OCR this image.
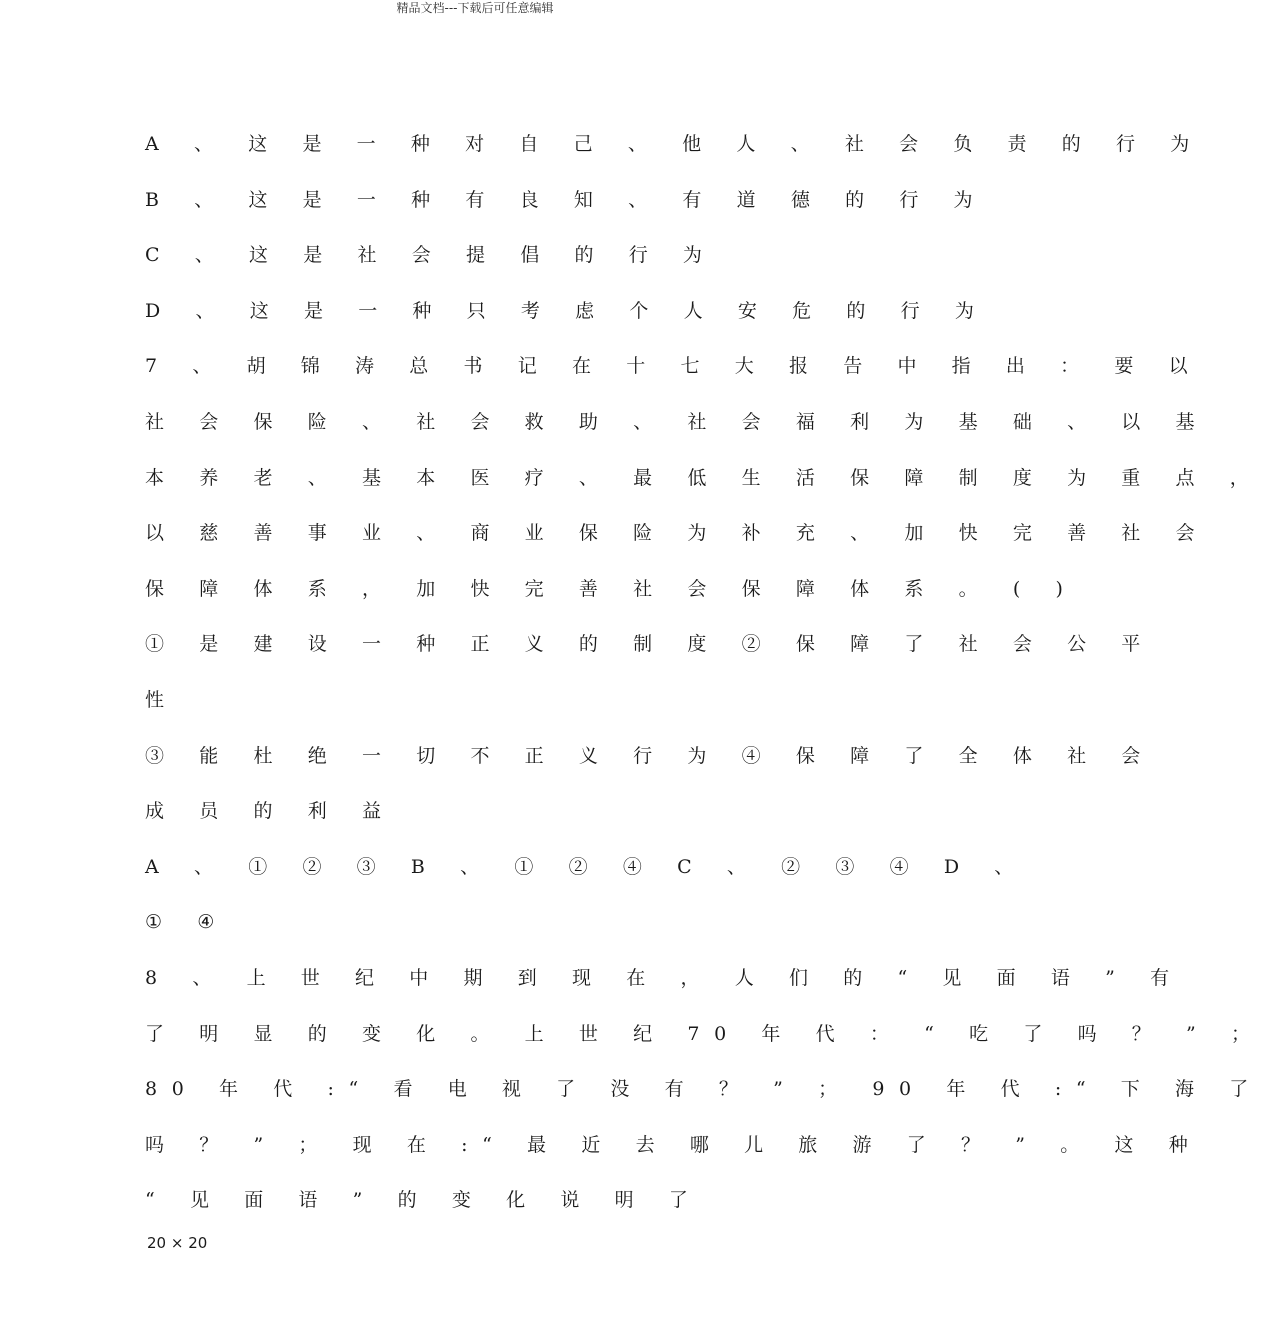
精品文档---下载后可任意编辑
A 、 这 是 一 种 对 自 己 、 他 人 、 社 会 负 责 的 行 为
B 、 这 是 一 种 有 良 知 、 有 道 德 的 行 为
C 、 这 是 社 会 提 倡 的 行 为
D 、 这 是 一 种 只 考 虑 个 人 安 危 的 行 为
7 、 胡 锦 涛 总 书 记 在 十 七 大 报 告 中 指 出 ： 要 以
社 会 保 险 、 社 会 救 助 、 社 会 福 利 为 基 础 、 以 基
本 养 老 、 基 本 医 疗 、 最 低 生 活 保 障 制 度 为 重 点 ，
以 慈 善 事 业 、 商 业 保 险 为 补 充 、 加 快 完 善 社 会
保 障 体 系 ， 加 快 完 善 社 会 保 障 体 系 。 ( )
① 是 建 设 一 种 正 义 的 制 度 ② 保 障 了 社 会 公 平
性
③ 能 杜 绝 一 切 不 正 义 行 为 ④ 保 障 了 全 体 社 会
成 员 的 利 益
A 、 ① ② ③ B 、 ① ② ④ C 、 ② ③ ④ D 、
① ④
8 、 上 世 纪 中 期 到 现 在 ， 人 们 的 “ 见 面 语 ” 有
了 明 显 的 变 化 。 上 世 纪 70 年 代 ： “ 吃 了 吗 ？ ” ；
80 年 代 :“ 看 电 视 了 没 有 ？ ” ； 90 年 代 :“ 下 海 了
吗 ？ ” ； 现 在 :“ 最 近 去 哪 儿 旅 游 了 ？ ” 。 这 种
“ 见 面 语 ” 的 变 化 说 明 了
20 × 20
